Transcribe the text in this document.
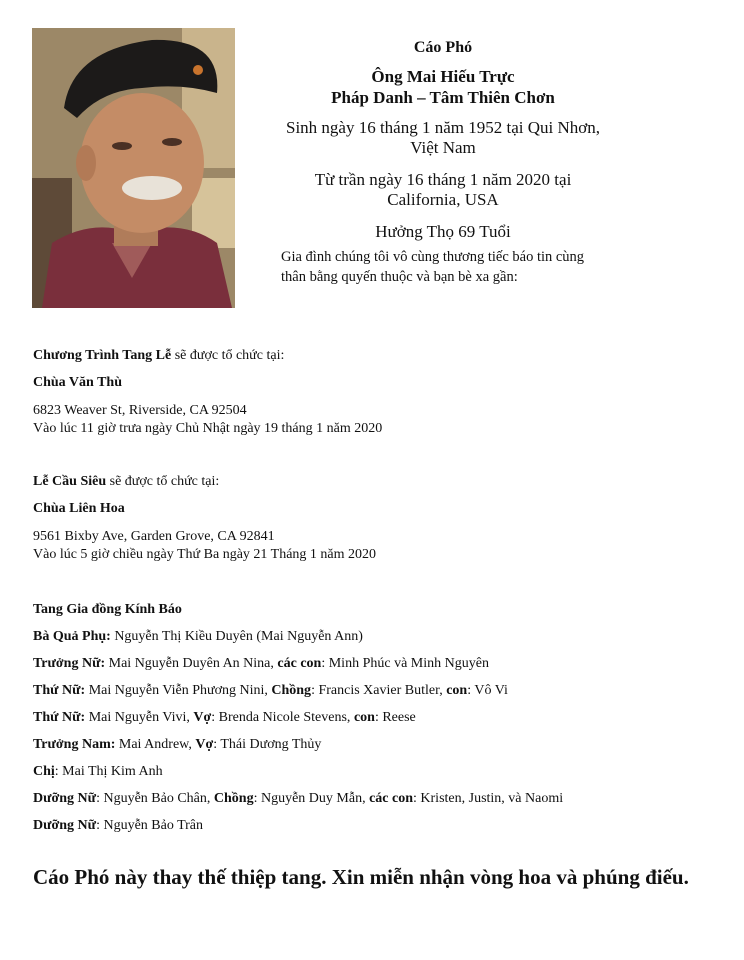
Cáo Phó
Ông Mai Hiếu Trực
Pháp Danh – Tâm Thiên Chơn
Sinh ngày 16 tháng 1 năm 1952 tại Qui Nhơn,
Việt Nam
Từ trần ngày 16 tháng 1 năm 2020 tại
California, USA
Hưởng Thọ 69 Tuổi
Gia đình chúng tôi vô cùng thương tiếc báo tin cùng thân bằng quyến thuộc và bạn bè xa gần:
Chương Trình Tang Lễ sẽ được tổ chức tại:
Chùa Văn Thù
6823 Weaver St, Riverside, CA 92504
Vào lúc 11 giờ trưa ngày Chủ Nhật ngày 19 tháng 1 năm 2020
Lễ Cầu Siêu sẽ được tổ chức tại:
Chùa Liên Hoa
9561 Bixby Ave, Garden Grove, CA 92841
Vào lúc 5 giờ chiều ngày Thứ Ba ngày 21 Tháng 1 năm 2020
Tang Gia đồng Kính Báo
Bà Quả Phụ: Nguyễn Thị Kiều Duyên (Mai Nguyễn Ann)
Trưởng Nữ: Mai Nguyễn Duyên An Nina, các con: Minh Phúc và Minh Nguyên
Thứ Nữ: Mai Nguyễn Viễn Phương Nini, Chồng: Francis Xavier Butler, con: Vô Vi
Thứ Nữ: Mai Nguyễn Vivi, Vợ: Brenda Nicole Stevens, con: Reese
Trưởng Nam: Mai Andrew, Vợ: Thái Dương Thủy
Chị: Mai Thị Kim Anh
Dưỡng Nữ: Nguyễn Bảo Chân, Chồng: Nguyễn Duy Mẫn, các con: Kristen, Justin, và Naomi
Dưỡng Nữ: Nguyễn Bảo Trân
Cáo Phó này thay thế thiệp tang. Xin miễn nhận vòng hoa và phúng điếu.
